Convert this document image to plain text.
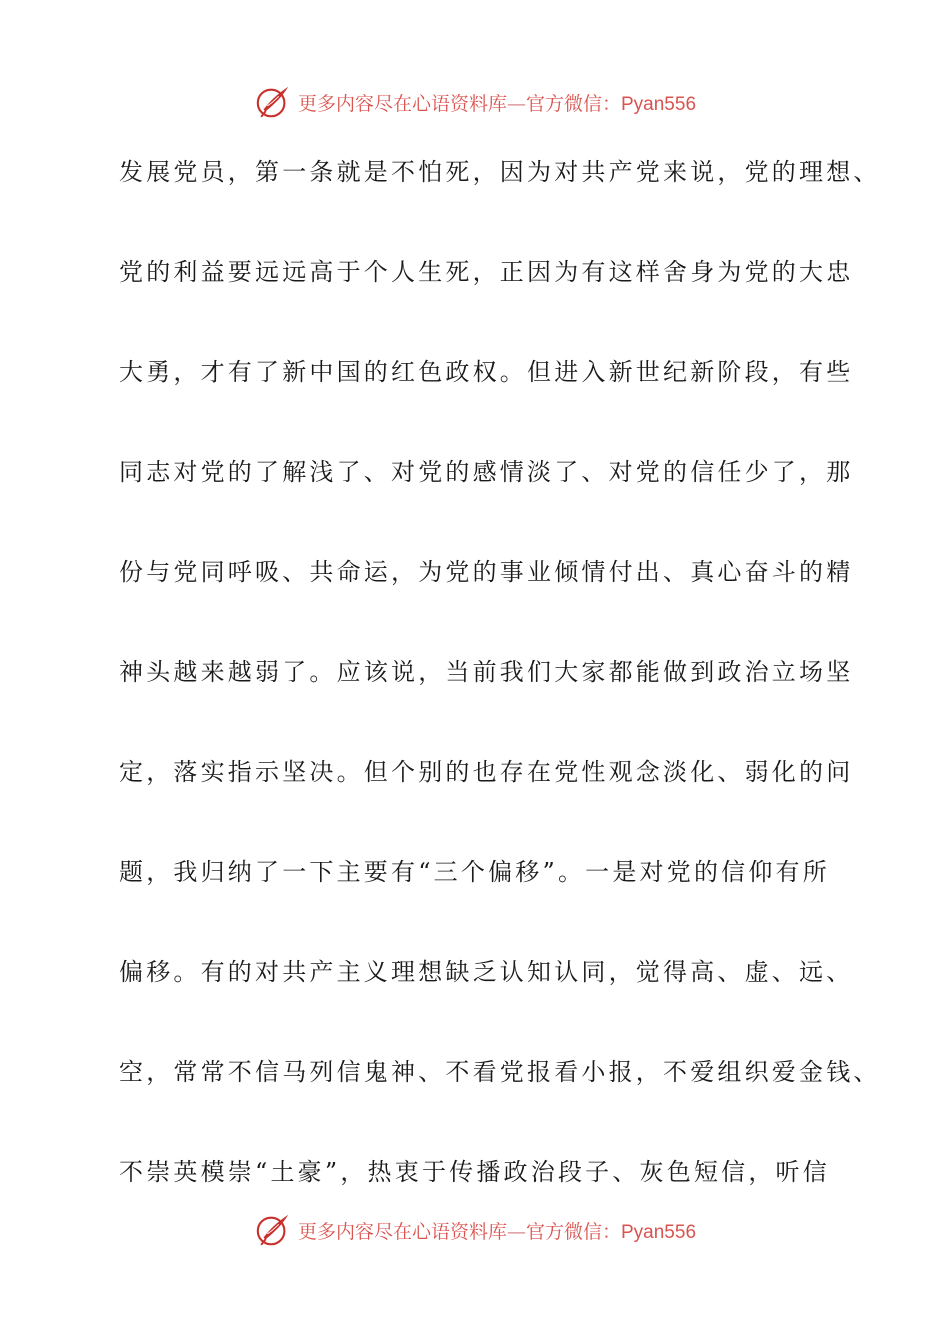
更多内容尽在心语资料库—官方微信：Pyan556
发展党员，第一条就是不怕死，因为对共产党来说，党的理想、
党的利益要远远高于个人生死，正因为有这样舍身为党的大忠
大勇，才有了新中国的红色政权。但进入新世纪新阶段，有些
同志对党的了解浅了、对党的感情淡了、对党的信任少了，那
份与党同呼吸、共命运，为党的事业倾情付出、真心奋斗的精
神头越来越弱了。应该说，当前我们大家都能做到政治立场坚
定，落实指示坚决。但个别的也存在党性观念淡化、弱化的问
题，我归纳了一下主要有“三个偏移”。一是对党的信仰有所
偏移。有的对共产主义理想缺乏认知认同，觉得高、虚、远、
空，常常不信马列信鬼神、不看党报看小报，不爱组织爱金钱、
不崇英模崇“土豪”，热衷于传播政治段子、灰色短信，听信
更多内容尽在心语资料库—官方微信：Pyan556
